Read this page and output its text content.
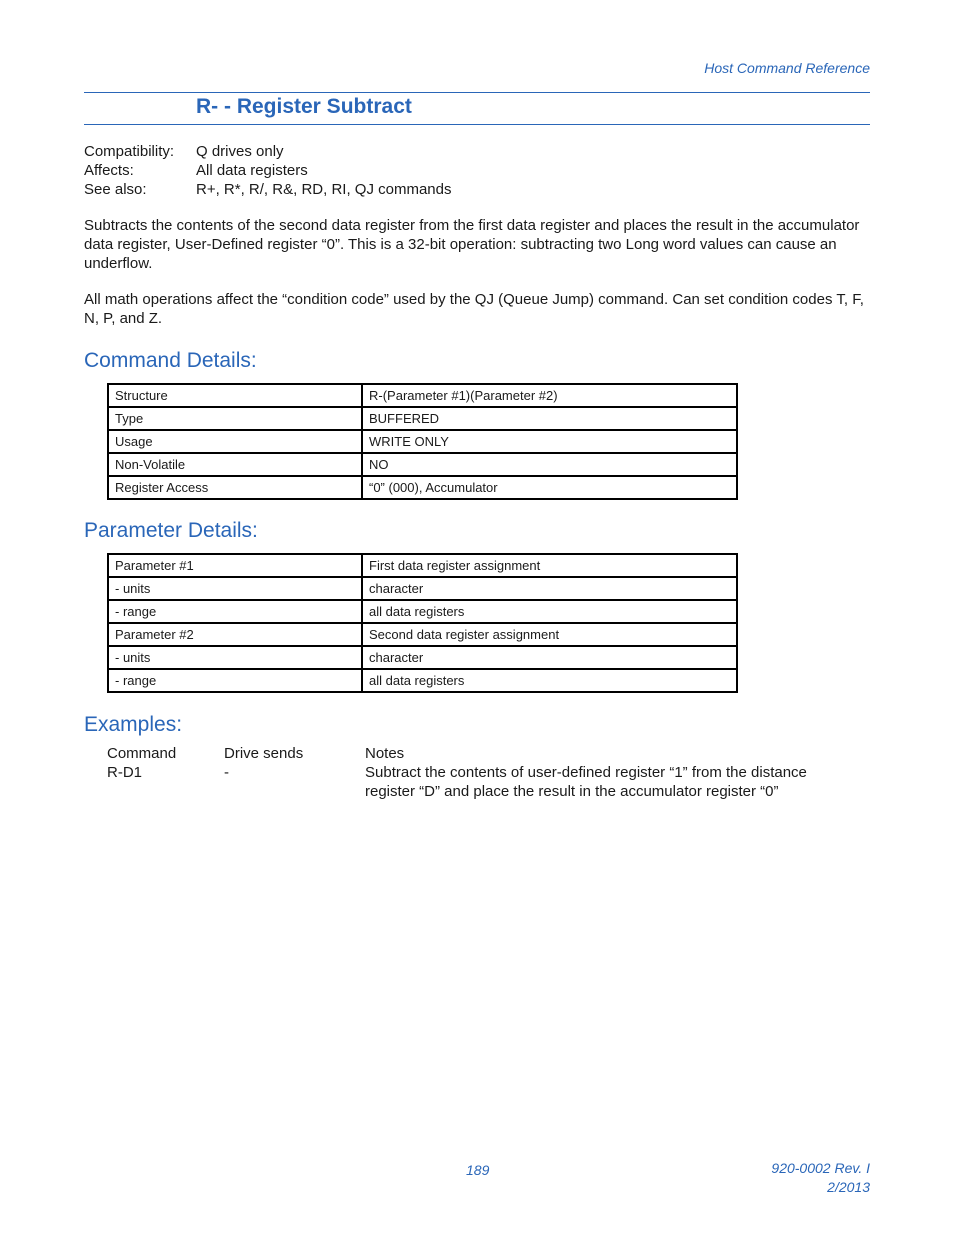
Host Command Reference
R- - Register Subtract
Compatibility:	Q drives only
Affects:	All data registers
See also:	R+, R*, R/, R&, RD, RI, QJ commands
Subtracts the contents of the second data register from the first data register and places the result in the accumulator data register, User-Defined register “0”. This is a 32-bit operation: subtracting two Long word values can cause an underflow.
All math operations affect the “condition code” used by the QJ (Queue Jump) command. Can set condition codes T, F, N, P, and Z.
Command Details:
Structure	R-(Parameter #1)(Parameter #2)
Type	BUFFERED
Usage	WRITE ONLY
Non-Volatile	NO
Register Access	“0” (000), Accumulator
Parameter Details:
Parameter #1	First data register assignment
- units	character
- range	all data registers
Parameter #2	Second data register assignment
- units	character
- range	all data registers
Examples:
Command	Drive sends	Notes
R-D1	-	Subtract the contents of user-defined register “1” from the distance register “D” and place the result in the accumulator register “0”
189	920-0002 Rev. I
2/2013
